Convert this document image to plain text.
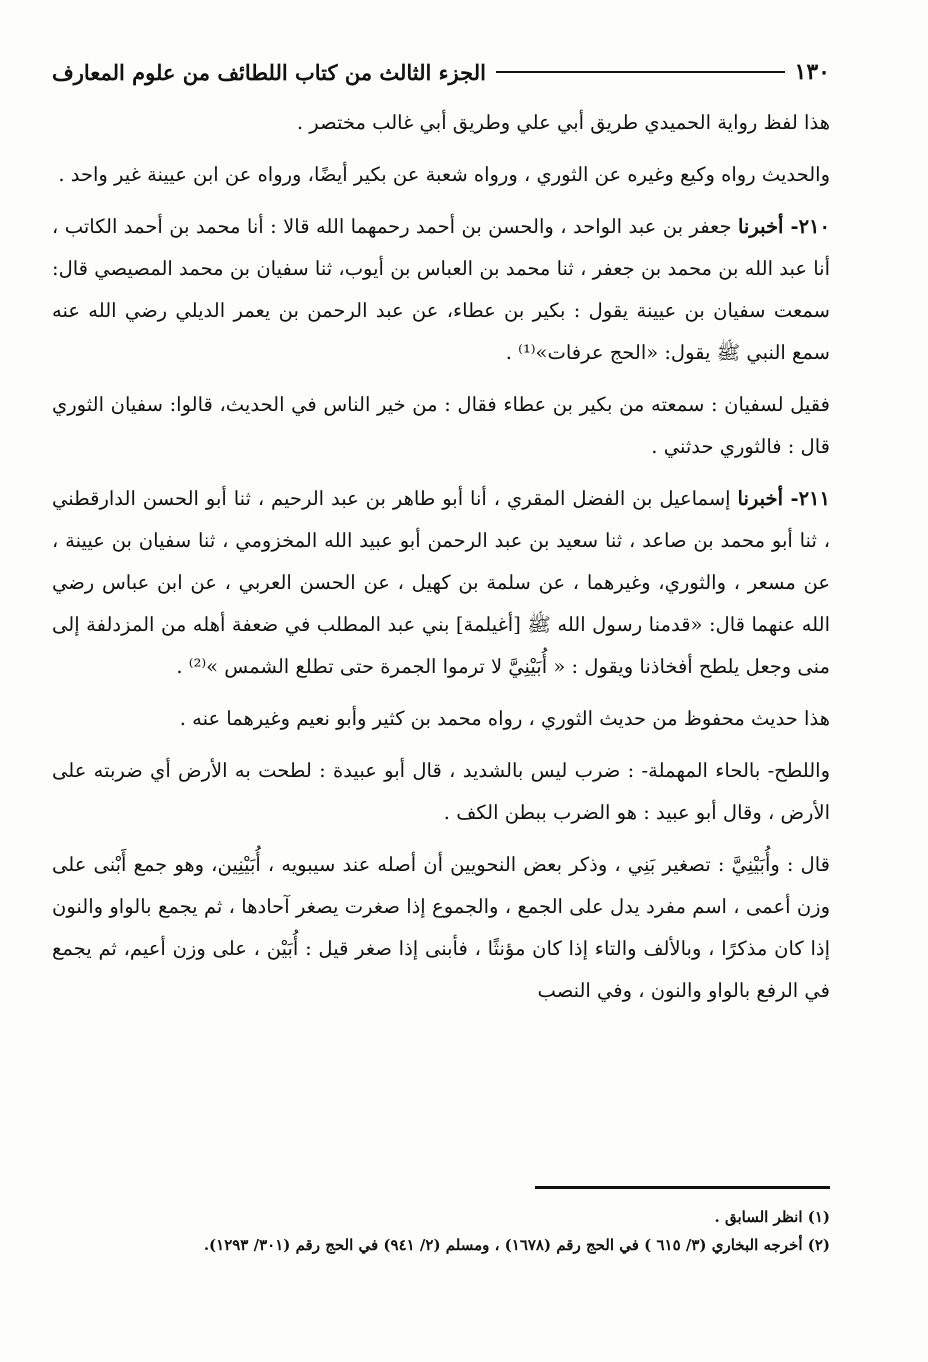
١٣٠
الجزء الثالث من كتاب اللطائف من علوم المعارف

هذا لفظ رواية الحميدي طريق أبي علي وطريق أبي غالب مختصر .

والحديث رواه وكيع وغيره عن الثوري ، ورواه شعبة عن بكير أيضًا، ورواه عن ابن عيينة غير واحد .

٢١٠- أخبرنا جعفر بن عبد الواحد ، والحسن بن أحمد رحمهما الله قالا : أنا محمد بن أحمد الكاتب ، أنا عبد الله بن محمد بن جعفر ، ثنا محمد بن العباس بن أيوب، ثنا سفيان بن محمد المصيصي قال: سمعت سفيان بن عيينة يقول : بكير بن عطاء، عن عبد الرحمن بن يعمر الديلي رضي الله عنه سمع النبي ﷺ يقول: «الحج عرفات»⁽¹⁾ .

فقيل لسفيان : سمعته من بكير بن عطاء فقال : من خير الناس في الحديث، قالوا: سفيان الثوري قال : فالثوري حدثني .

٢١١- أخبرنا إسماعيل بن الفضل المقري ، أنا أبو طاهر بن عبد الرحيم ، ثنا أبو الحسن الدارقطني ، ثنا أبو محمد بن صاعد ، ثنا سعيد بن عبد الرحمن أبو عبيد الله المخزومي ، ثنا سفيان بن عيينة ، عن مسعر ، والثوري، وغيرهما ، عن سلمة بن كهيل ، عن الحسن العربي ، عن ابن عباس رضي الله عنهما قال: «قدمنا رسول الله ﷺ [أغيلمة] بني عبد المطلب في ضعفة أهله من المزدلفة إلى منى وجعل يلطح أفخاذنا ويقول : « أُبَيْنِيَّ لا ترموا الجمرة حتى تطلع الشمس »⁽²⁾ .

هذا حديث محفوظ من حديث الثوري ، رواه محمد بن كثير وأبو نعيم وغيرهما عنه .

واللطح- بالحاء المهملة- : ضرب ليس بالشديد ، قال أبو عبيدة : لطحت به الأرض أي ضربته على الأرض ، وقال أبو عبيد : هو الضرب ببطن الكف .

قال : وأُبَيْنِيَّ : تصغير بَنِي ، وذكر بعض النحويين أن أصله عند سيبويه ، أُبَيْنِين، وهو جمع أَبْنى على وزن أعمى ، اسم مفرد يدل على الجمع ، والجموع إذا صغرت يصغر آحادها ، ثم يجمع بالواو والنون إذا كان مذكرًا ، وبالألف والتاء إذا كان مؤنثًا ، فأبنى إذا صغر قيل : أُبَيْن ، على وزن أعيم، ثم يجمع في الرفع بالواو والنون ، وفي النصب

(١) انظر السابق .

(٢) أخرجه البخاري (٣/ ٦١٥ ) في الحج رقم (١٦٧٨) ، ومسلم (٢/ ٩٤١) في الحج رقم (٣٠١/ ١٢٩٣).
